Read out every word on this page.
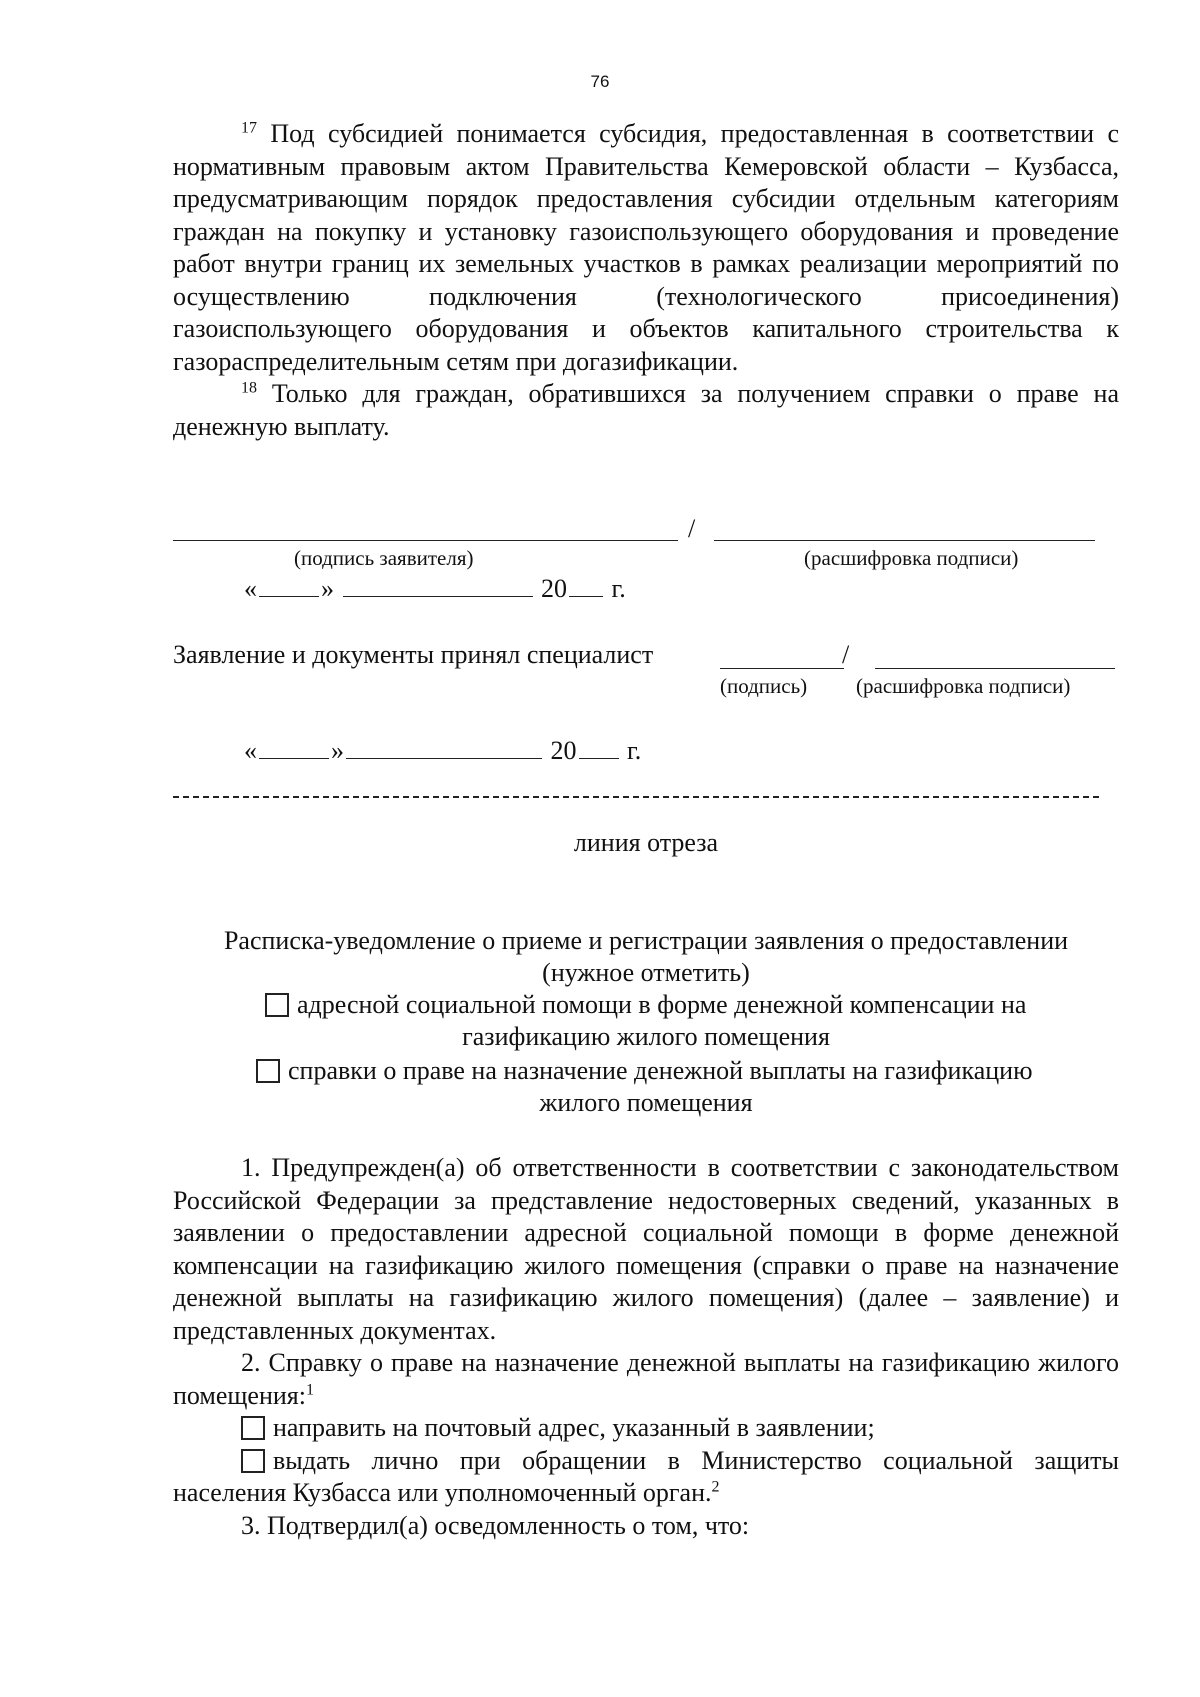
76

$^{17}$ Под субсидией понимается субсидия, предоставленная в соответствии с нормативным правовым актом Правительства Кемеровской области – Кузбасса, предусматривающим порядок предоставления субсидии отдельным категориям граждан на покупку и установку газоиспользующего оборудования и проведение работ внутри границ их земельных участков в рамках реализации мероприятий по осуществлению подключения (технологического присоединения) газоиспользующего оборудования и объектов капитального строительства к газораспределительным сетям при догазификации.

$^{18}$ Только для граждан, обратившихся за получением справки о праве на денежную выплату.

/
(подпись заявителя)	(расшифровка подписи)
« »	20 г.
Заявление и документы принял специалист	/
(подпись) (расшифровка подписи)
«	»	20 г.
линия отреза
Расписка-уведомление о приеме и регистрации заявления о предоставлении
(нужное отметить)
адресной социальной помощи в форме денежной компенсации на
газификацию жилого помещения
справки о праве на назначение денежной выплаты на газификацию
жилого помещения

1. Предупрежден(а) об ответственности в соответствии с законодательством Российской Федерации за представление недостоверных сведений, указанных в заявлении о предоставлении адресной социальной помощи в форме денежной компенсации на газификацию жилого помещения (справки о праве на назначение денежной выплаты на газификацию жилого помещения) (далее – заявление) и представленных документах.

2. Справку о праве на назначение денежной выплаты на газификацию жилого помещения:$^1$

направить на почтовый адрес, указанный в заявлении;

выдать лично при обращении в Министерство социальной защиты населения Кузбасса или уполномоченный орган.$^2$

3. Подтвердил(а) осведомленность о том, что:
